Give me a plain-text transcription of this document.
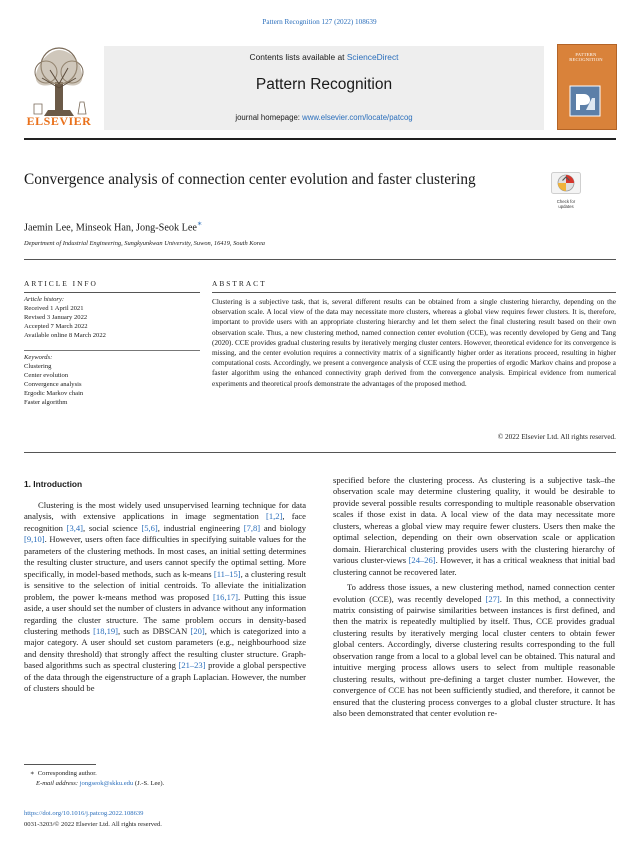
Pattern Recognition 127 (2022) 108639
ELSEVIER
Contents lists available at ScienceDirect
Pattern Recognition
journal homepage: www.elsevier.com/locate/patcog
PATTERN RECOGNITION
Convergence analysis of connection center evolution and faster clustering
Check for
updates
Jaemin Lee, Minseok Han, Jong-Seok Lee∗
Department of Industrial Engineering, Sungkyunkwan University, Suwon, 16419, South Korea
ARTICLE INFO
Article history:
Received 1 April 2021
Revised 3 January 2022
Accepted 7 March 2022
Available online 8 March 2022
Keywords:
Clustering
Center evolution
Convergence analysis
Ergodic Markov chain
Faster algorithm
ABSTRACT
Clustering is a subjective task, that is, several different results can be obtained from a single clustering hierarchy, depending on the observation scale. A local view of the data may necessitate more clusters, whereas a global view requires fewer clusters. It is, therefore, important to provide users with an appropriate clustering hierarchy and let them select the final clustering result based on their own observation scale. Thus, a new clustering method, named connection center evolution (CCE), was recently developed by Geng and Tang (2020). CCE provides gradual clustering results by iteratively merging cluster centers. However, theoretical evidence for its convergence is missing, and the center evolution requires a connectivity matrix of a significantly higher order as iterations proceed, resulting in higher computational costs. Accordingly, we present a convergence analysis of CCE using the properties of ergodic Markov chains and propose a faster algorithm using the enhanced connectivity graph derived from the convergence analysis. Empirical evidence from numerical experiments and theoretical proofs demonstrate the advantages of the proposed method.
© 2022 Elsevier Ltd. All rights reserved.
1. Introduction

Clustering is the most widely used unsupervised learning technique for data analysis, with extensive applications in image segmentation [1,2], face recognition [3,4], social science [5,6], industrial engineering [7,8] and biology [9,10]. However, users often face difficulties in specifying suitable values for the parameters of the clustering methods. In most cases, an initial setting determines the resulting cluster structure, and users cannot specify the optimal setting. More specifically, in model-based methods, such as k-means [11–15], a clustering result is sensitive to the selection of initial centroids. To alleviate the initialization problem, the power k-means method was proposed [16,17]. Putting this issue aside, a user should set the number of clusters in advance without any information regarding the cluster structure. The same problem occurs in density-based clustering methods [18,19], such as DBSCAN [20], which is categorized into a major category. A user should set custom parameters (e.g., neighbourhood size and density threshold) that strongly affect the resulting cluster structure. Graph-based algorithms such as spectral clustering [21–23] provide a global perspective of the data through the eigenstructure of a graph Laplacian. However, the number of clusters should be

specified before the clustering process. As clustering is a subjective task–the observation scale may determine clustering quality, it would be desirable to provide several possible results corresponding to multiple reasonable observation scales if those exist in data. A local view of the data may necessitate more clusters, whereas a global view may require fewer clusters. Users then make the optimal selection, depending on their own observation scale or application domain. Hierarchical clustering provides users with the clustering hierarchy of various cluster-views [24–26]. However, it has a critical weakness that initial bad clustering cannot be recovered later.

To address those issues, a new clustering method, named connection center evolution (CCE), was recently developed [27]. In this method, a connectivity matrix consisting of pairwise similarities between instances is first defined, and then the matrix is repeatedly multiplied by itself. Thus, CCE provides gradual clustering results by iteratively merging local cluster centers to obtain fewer global centers. Accordingly, diverse clustering results corresponding to the full observation range from a local to a global level can be obtained. This natural and intuitive merging process allows users to select from multiple reasonable clustering results, without pre-defining a target cluster number. However, the convergence of CCE has not been sufficiently studied, and therefore, it cannot be ensured that the clustering process converges to a global cluster structure. It has also been demonstrated that center evolution re-

∗ Corresponding author.
E-mail address: jongseok@skku.edu (J.-S. Lee).
https://doi.org/10.1016/j.patcog.2022.108639
0031-3203/© 2022 Elsevier Ltd. All rights reserved.
